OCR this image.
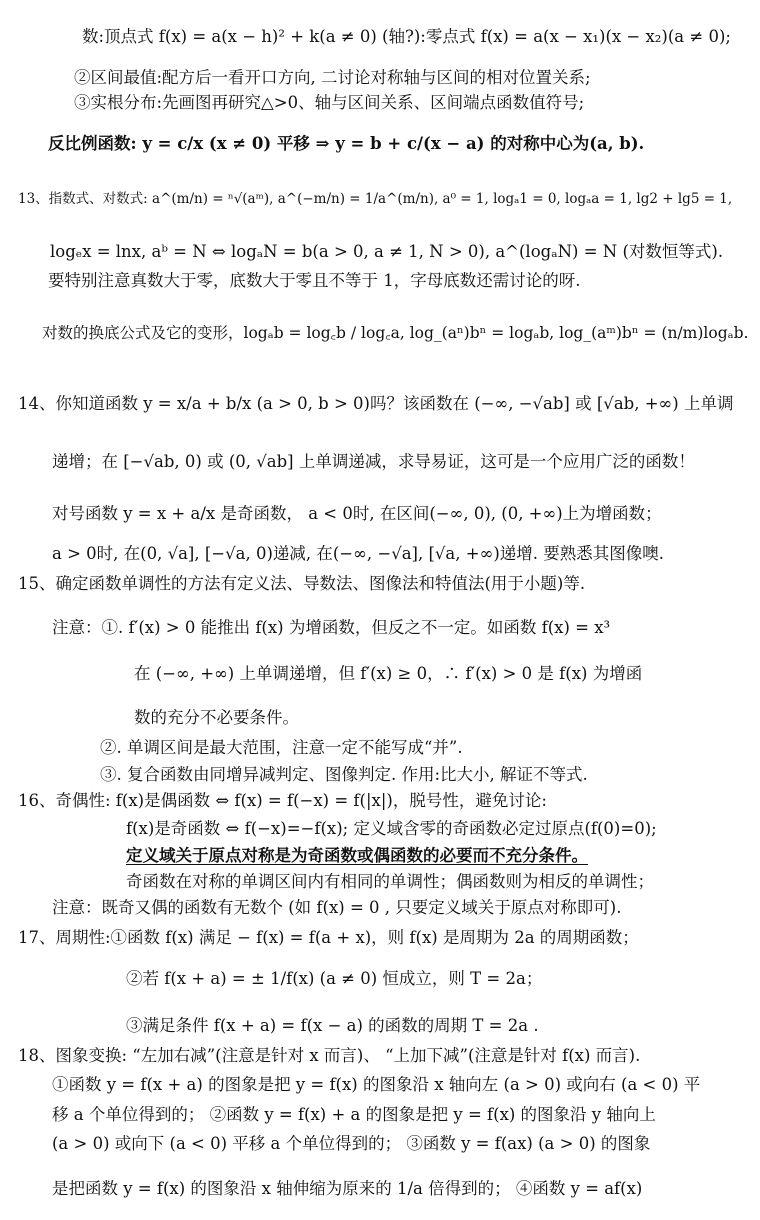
数:顶点式 f(x) = a(x − h)² + k(a ≠ 0) (轴?):零点式 f(x) = a(x − x₁)(x − x₂)(a ≠ 0);
②区间最值:配方后一看开口方向, 二讨论对称轴与区间的相对位置关系;
③实根分布:先画图再研究△>0、轴与区间关系、区间端点函数值符号;
反比例函数: y = c/x (x ≠ 0) 平移 ⇒ y = b + c/(x − a) 的对称中心为(a, b).
13、指数式、对数式: a^(m/n) = ⁿ√(aᵐ), a^(−m/n) = 1/a^(m/n), a⁰ = 1, logₐ1 = 0, logₐa = 1, lg2 + lg5 = 1,
logₑx = lnx, aᵇ = N ⇔ logₐN = b(a > 0, a ≠ 1, N > 0), a^(logₐN) = N (对数恒等式).
要特别注意真数大于零，底数大于零且不等于 1，字母底数还需讨论的呀.
对数的换底公式及它的变形，logₐb = log꜀b / log꜀a, log_(aⁿ)bⁿ = logₐb, log_(aᵐ)bⁿ = (n/m)logₐb.
14、你知道函数 y = x/a + b/x (a > 0, b > 0)吗？该函数在 (−∞, −√ab] 或 [√ab, +∞) 上单调
递增；在 [−√ab, 0) 或 (0, √ab] 上单调递减，求导易证，这可是一个应用广泛的函数！
对号函数 y = x + a/x 是奇函数， a < 0时, 在区间(−∞, 0), (0, +∞)上为增函数；
a > 0时, 在(0, √a], [−√a, 0)递减, 在(−∞, −√a], [√a, +∞)递增. 要熟悉其图像噢.
15、确定函数单调性的方法有定义法、导数法、图像法和特值法(用于小题)等.
注意：①. f′(x) > 0 能推出 f(x) 为增函数，但反之不一定。如函数 f(x) = x³
在 (−∞, +∞) 上单调递增，但 f′(x) ≥ 0，∴ f′(x) > 0 是 f(x) 为增函
数的充分不必要条件。
②. 单调区间是最大范围，注意一定不能写成“并”.
③. 复合函数由同增异减判定、图像判定. 作用:比大小, 解证不等式.
16、奇偶性: f(x)是偶函数 ⇔ f(x) = f(−x) = f(|x|)，脱号性，避免讨论:
f(x)是奇函数 ⇔ f(−x)=−f(x); 定义域含零的奇函数必定过原点(f(0)=0);
定义域关于原点对称是为奇函数或偶函数的必要而不充分条件。
奇函数在对称的单调区间内有相同的单调性；偶函数则为相反的单调性；
注意：既奇又偶的函数有无数个 (如 f(x) = 0 , 只要定义域关于原点对称即可).
17、周期性:①函数 f(x) 满足 − f(x) = f(a + x)，则 f(x) 是周期为 2a 的周期函数；
②若 f(x + a) = ± 1/f(x) (a ≠ 0) 恒成立，则 T = 2a；
③满足条件 f(x + a) = f(x − a) 的函数的周期 T = 2a .
18、图象变换: “左加右减”(注意是针对 x 而言)、 “上加下减”(注意是针对 f(x) 而言).
①函数 y = f(x + a) 的图象是把 y = f(x) 的图象沿 x 轴向左 (a > 0) 或向右 (a < 0) 平
移 a 个单位得到的； ②函数 y = f(x) + a 的图象是把 y = f(x) 的图象沿 y 轴向上
(a > 0) 或向下 (a < 0) 平移 a 个单位得到的； ③函数 y = f(ax) (a > 0) 的图象
是把函数 y = f(x) 的图象沿 x 轴伸缩为原来的 1/a 倍得到的； ④函数 y = af(x)
